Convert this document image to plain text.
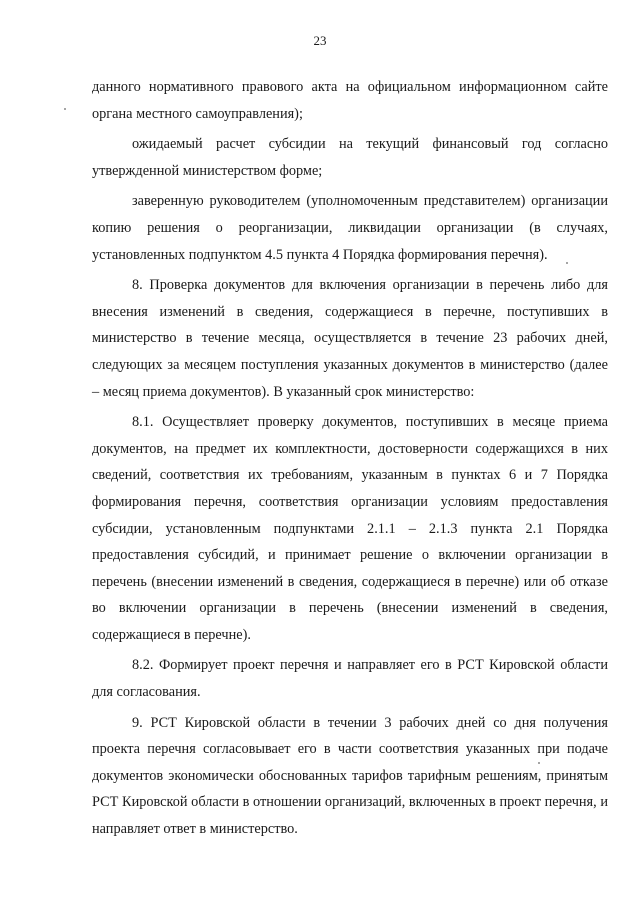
23

данного нормативного правового акта на официальном информационном сайте органа местного самоуправления);

ожидаемый расчет субсидии на текущий финансовый год согласно утвержденной министерством форме;

заверенную руководителем (уполномоченным представителем) организации копию решения о реорганизации, ликвидации организации (в случаях, установленных подпунктом 4.5 пункта 4 Порядка формирования перечня).

8. Проверка документов для включения организации в перечень либо для внесения изменений в сведения, содержащиеся в перечне, поступивших в министерство в течение месяца, осуществляется в течение 23 рабочих дней, следующих за месяцем поступления указанных документов в министерство (далее – месяц приема документов). В указанный срок министерство:

8.1. Осуществляет проверку документов, поступивших в месяце приема документов, на предмет их комплектности, достоверности содержащихся в них сведений, соответствия их требованиям, указанным в пунктах 6 и 7 Порядка формирования перечня, соответствия организации условиям предоставления субсидии, установленным подпунктами 2.1.1 – 2.1.3 пункта 2.1 Порядка предоставления субсидий, и принимает решение о включении организации в перечень (внесении изменений в сведения, содержащиеся в перечне) или об отказе во включении организации в перечень (внесении изменений в сведения, содержащиеся в перечне).

8.2. Формирует проект перечня и направляет его в РСТ Кировской области для согласования.

9. РСТ Кировской области в течении 3 рабочих дней со дня получения проекта перечня согласовывает его в части соответствия указанных при подаче документов экономически обоснованных тарифов тарифным решениям, принятым РСТ Кировской области в отношении организаций, включенных в проект перечня, и направляет ответ в министерство.
